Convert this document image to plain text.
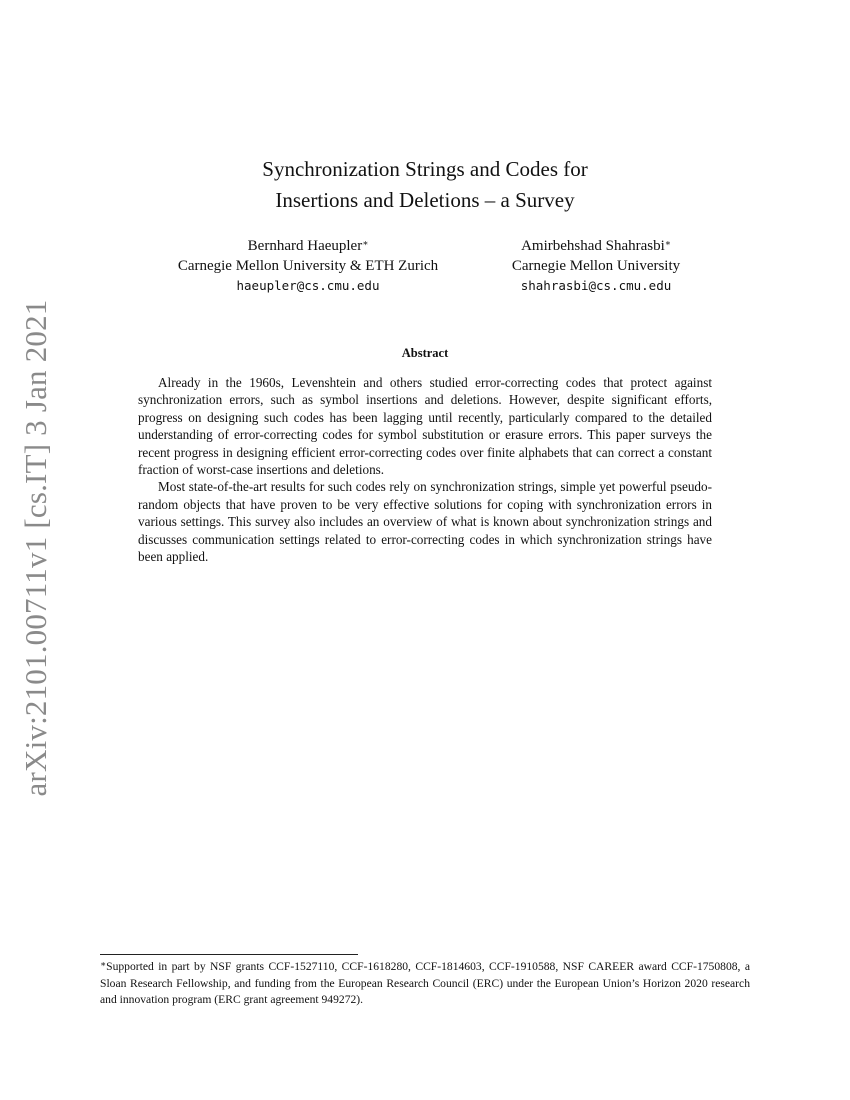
arXiv:2101.00711v1 [cs.IT] 3 Jan 2021
Synchronization Strings and Codes for
Insertions and Deletions – a Survey
Bernhard Haeupler∗
Carnegie Mellon University & ETH Zurich
haeupler@cs.cmu.edu
Amirbehshad Shahrasbi∗
Carnegie Mellon University
shahrasbi@cs.cmu.edu
Abstract

Already in the 1960s, Levenshtein and others studied error-correcting codes that protect against synchronization errors, such as symbol insertions and deletions. However, despite significant efforts, progress on designing such codes has been lagging until recently, particularly compared to the detailed understanding of error-correcting codes for symbol substitution or erasure errors. This paper surveys the recent progress in designing efficient error-correcting codes over finite alphabets that can correct a constant fraction of worst-case insertions and deletions.

Most state-of-the-art results for such codes rely on synchronization strings, simple yet powerful pseudo-random objects that have proven to be very effective solutions for coping with synchronization errors in various settings. This survey also includes an overview of what is known about synchronization strings and discusses communication settings related to error-correcting codes in which synchronization strings have been applied.

∗Supported in part by NSF grants CCF-1527110, CCF-1618280, CCF-1814603, CCF-1910588, NSF CAREER award CCF-1750808, a Sloan Research Fellowship, and funding from the European Research Council (ERC) under the European Union’s Horizon 2020 research and innovation program (ERC grant agreement 949272).
